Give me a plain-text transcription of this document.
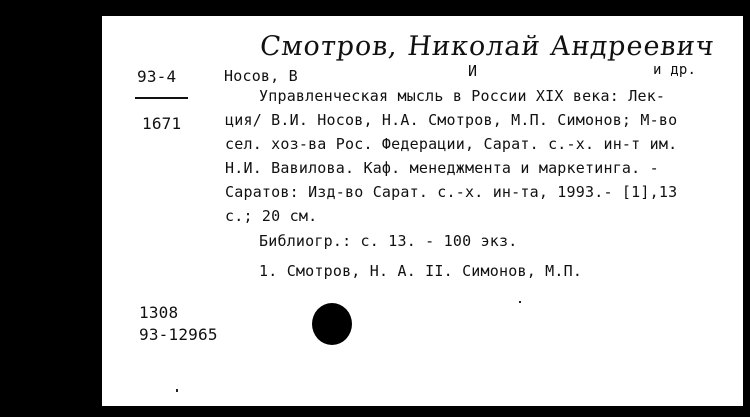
Смотров, Николай Андреевич
93-4
1671
Носов, В	И	и др.
Управленческая мысль в России XIX века: Лек-
ция/ В.И. Носов, Н.А. Смотров, М.П. Симонов; М-во
сел. хоз-ва Рос. Федерации, Сарат. с.-х. ин-т им.
Н.И. Вавилова. Каф. менеджмента и маркетинга. -
Саратов: Изд-во Сарат. с.-х. ин-та, 1993.- [1],13
с.; 20 см.
Библиогр.: с. 13. - 100 экз.
1. Смотров, Н. А. II. Симонов, М.П.
1308
93-12965
